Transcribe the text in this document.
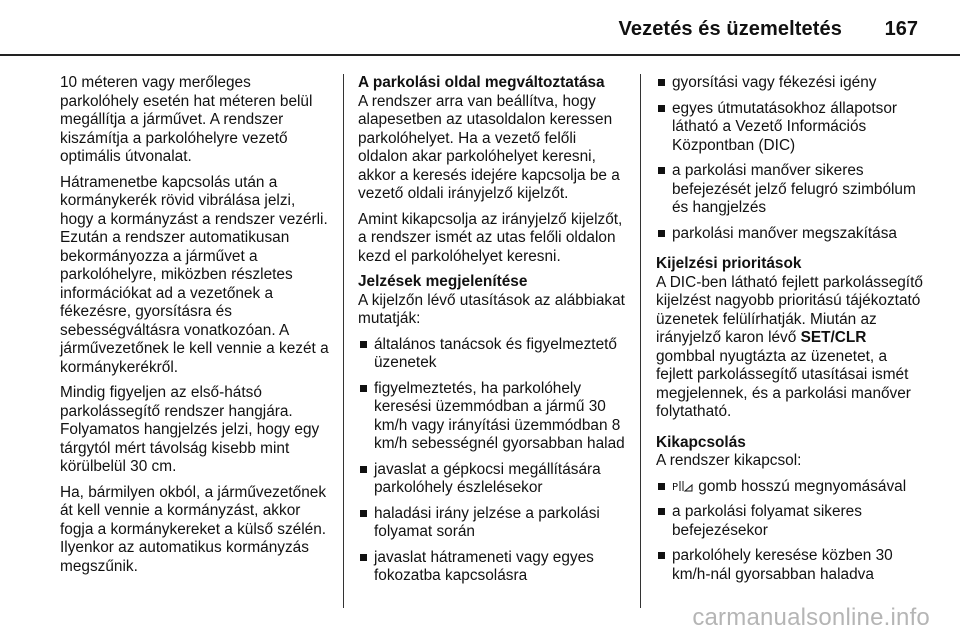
Vezetés és üzemeltetés 167

10 méteren vagy merőleges parkolóhely esetén hat méteren belül megállítja a járművet. A rendszer kiszámítja a parkolóhelyre vezető optimális útvonalat.

Hátramenetbe kapcsolás után a kormánykerék rövid vibrálása jelzi, hogy a kormányzást a rendszer vezérli. Ezután a rendszer automatikusan bekormányozza a járművet a parkolóhelyre, miközben részletes információkat ad a vezetőnek a fékezésre, gyorsításra és sebességváltásra vonatkozóan. A járművezetőnek le kell vennie a kezét a kormánykerékről.

Mindig figyeljen az első-hátsó parkolássegítő rendszer hangjára. Folyamatos hangjelzés jelzi, hogy egy tárgytól mért távolság kisebb mint körülbelül 30 cm.

Ha, bármilyen okból, a járművezetőnek át kell vennie a kormányzást, akkor fogja a kormánykereket a külső szélén. Ilyenkor az automatikus kormányzás megszűnik.

A parkolási oldal megváltoztatása

A rendszer arra van beállítva, hogy alapesetben az utasoldalon keressen parkolóhelyet. Ha a vezető felőli oldalon akar parkolóhelyet keresni, akkor a keresés idejére kapcsolja be a vezető oldali irányjelző kijelzőt.

Amint kikapcsolja az irányjelző kijelzőt, a rendszer ismét az utas felőli oldalon kezd el parkolóhelyet keresni.

Jelzések megjelenítése

A kijelzőn lévő utasítások az alábbiakat mutatják:

általános tanácsok és figyelmeztető üzenetek
figyelmeztetés, ha parkolóhely keresési üzemmódban a jármű 30 km/h vagy irányítási üzemmódban 8 km/h sebességnél gyorsabban halad
javaslat a gépkocsi megállítására parkolóhely észlelésekor
haladási irány jelzése a parkolási folyamat során
javaslat hátrameneti vagy egyes fokozatba kapcsolásra
gyorsítási vagy fékezési igény
egyes útmutatásokhoz állapotsor látható a Vezető Információs Központban (DIC)
a parkolási manőver sikeres befejezését jelző felugró szimbólum és hangjelzés
parkolási manőver megszakítása
Kijelzési prioritások

A DIC-ben látható fejlett parkolássegítő kijelzést nagyobb prioritású tájékoztató üzenetek felülírhatják. Miután az irányjelző karon lévő SET/CLR gombbal nyugtázta az üzenetet, a fejlett parkolássegítő utasításai ismét megjelennek, és a parkolási manőver folytatható.

Kikapcsolás

A rendszer kikapcsol:

P gomb hosszú megnyomásával
a parkolási folyamat sikeres befejezésekor
parkolóhely keresése közben 30 km/h-nál gyorsabban haladva
carmanualsonline.info
